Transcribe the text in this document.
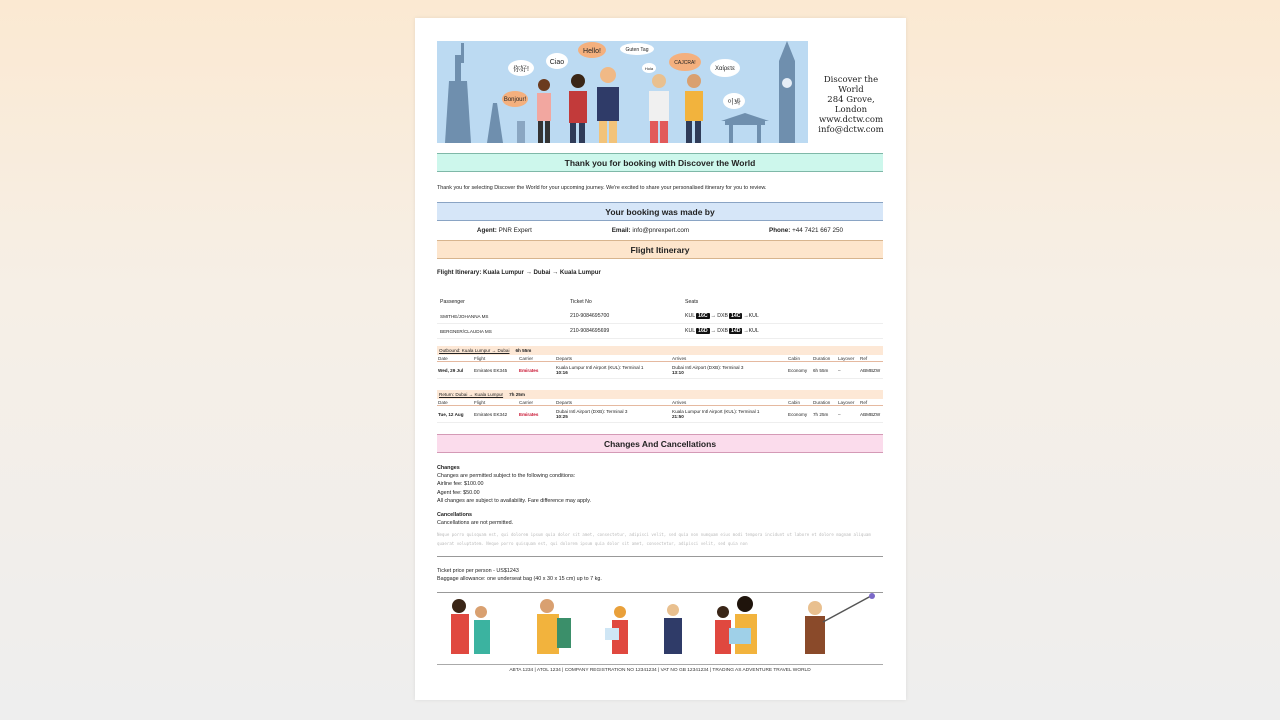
你好!
Ciao
Hello!	Guten Tag
CAJCRA!
Χαίρετε
Bonjour!	이봐
Hola
Discover the World
284 Grove, London
www.dctw.com
info@dctw.com
Thank you for booking with Discover the World
Thank you for selecting Discover the World for your upcoming journey. We're excited to share your personalised itinerary for you to review.
Your booking was made by
Agent: PNR Expert	Email: info@pnrexpert.com	Phone: +44 7421 667 250
Flight Itinerary
Flight Itinerary: Kuala Lumpur → Dubai → Kuala Lumpur
Passenger	Ticket No	Seats
SMITHE/JOHANNA MS	210-9084695700	KUL 16C → DXB 14C →KUL
BERGNER/CLAUDIA MS	210-9084695699	KUL 16D → DXB 14D →KUL
Outbound: Kuala Lumpur → Dubai 6h 55m
Date	Flight	Carrier	Departs	Arrives	Cabin	Duration	Layover	Ref
Wed, 29 Jul	Emirates EK345	Emirates	Kuala Lumpur Intl Airport (KUL): Terminal 1
10:16
Dubai Intl Airport (DXB): Terminal 3
13:10	Economy	6h 55m	–	ABMBZW
Return: Dubai → Kuala Lumpur 7h 25m
Date	Flight	Carrier	Departs	Arrives	Cabin	Duration	Layover	Ref
Tue, 12 Aug	Emirates EK342	Emirates	Dubai Intl Airport (DXB): Terminal 3
10:25
Kuala Lumpur Intl Airport (KUL): Terminal 1
21:50	Economy	7h 25m	–	ABMBZW
Changes And Cancellations
Changes
Changes are permitted subject to the following conditions:
Airline fee: $100.00
Agent fee: $50.00
All changes are subject to availability. Fare difference may apply.
Cancellations
Cancellations are not permitted.
Neque porro quisquam est, qui dolorem ipsum quia dolor sit amet, consectetur, adipisci velit, sed quia non numquam eius modi tempora incidunt ut labore et dolore magnam aliquam quaerat voluptatem. Neque porro quisquam est, qui dolorem ipsum quia dolor sit amet, consectetur, adipisci velit, sed quia non
Ticket price per person - US$1243
Baggage allowance: one underseat bag (40 x 30 x 15 cm) up to 7 kg.
ABTA 1234 | ATOL 1234 | COMPANY REGISTRATION NO 12341234 | VAT NO GB 12341234 | TRADING AS ADVENTURE TRAVEL WORLD
